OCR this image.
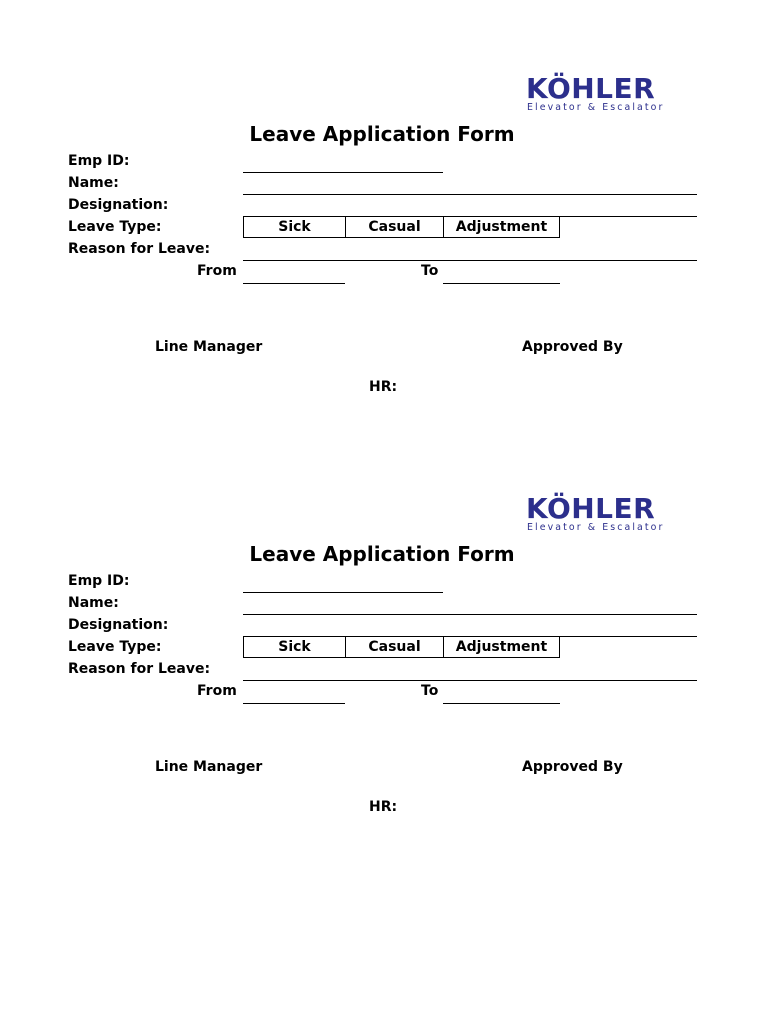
KÖHLER
Elevator & Escalator
Leave Application Form
Emp ID:
Name:
Designation:
Leave Type:	Sick	Casual	Adjustment
Reason for Leave:
From	To
Line Manager	Approved By
HR:
KÖHLER
Elevator & Escalator
Leave Application Form
Emp ID:
Name:
Designation:
Leave Type:	Sick	Casual	Adjustment
Reason for Leave:
From	To
Line Manager	Approved By
HR:
